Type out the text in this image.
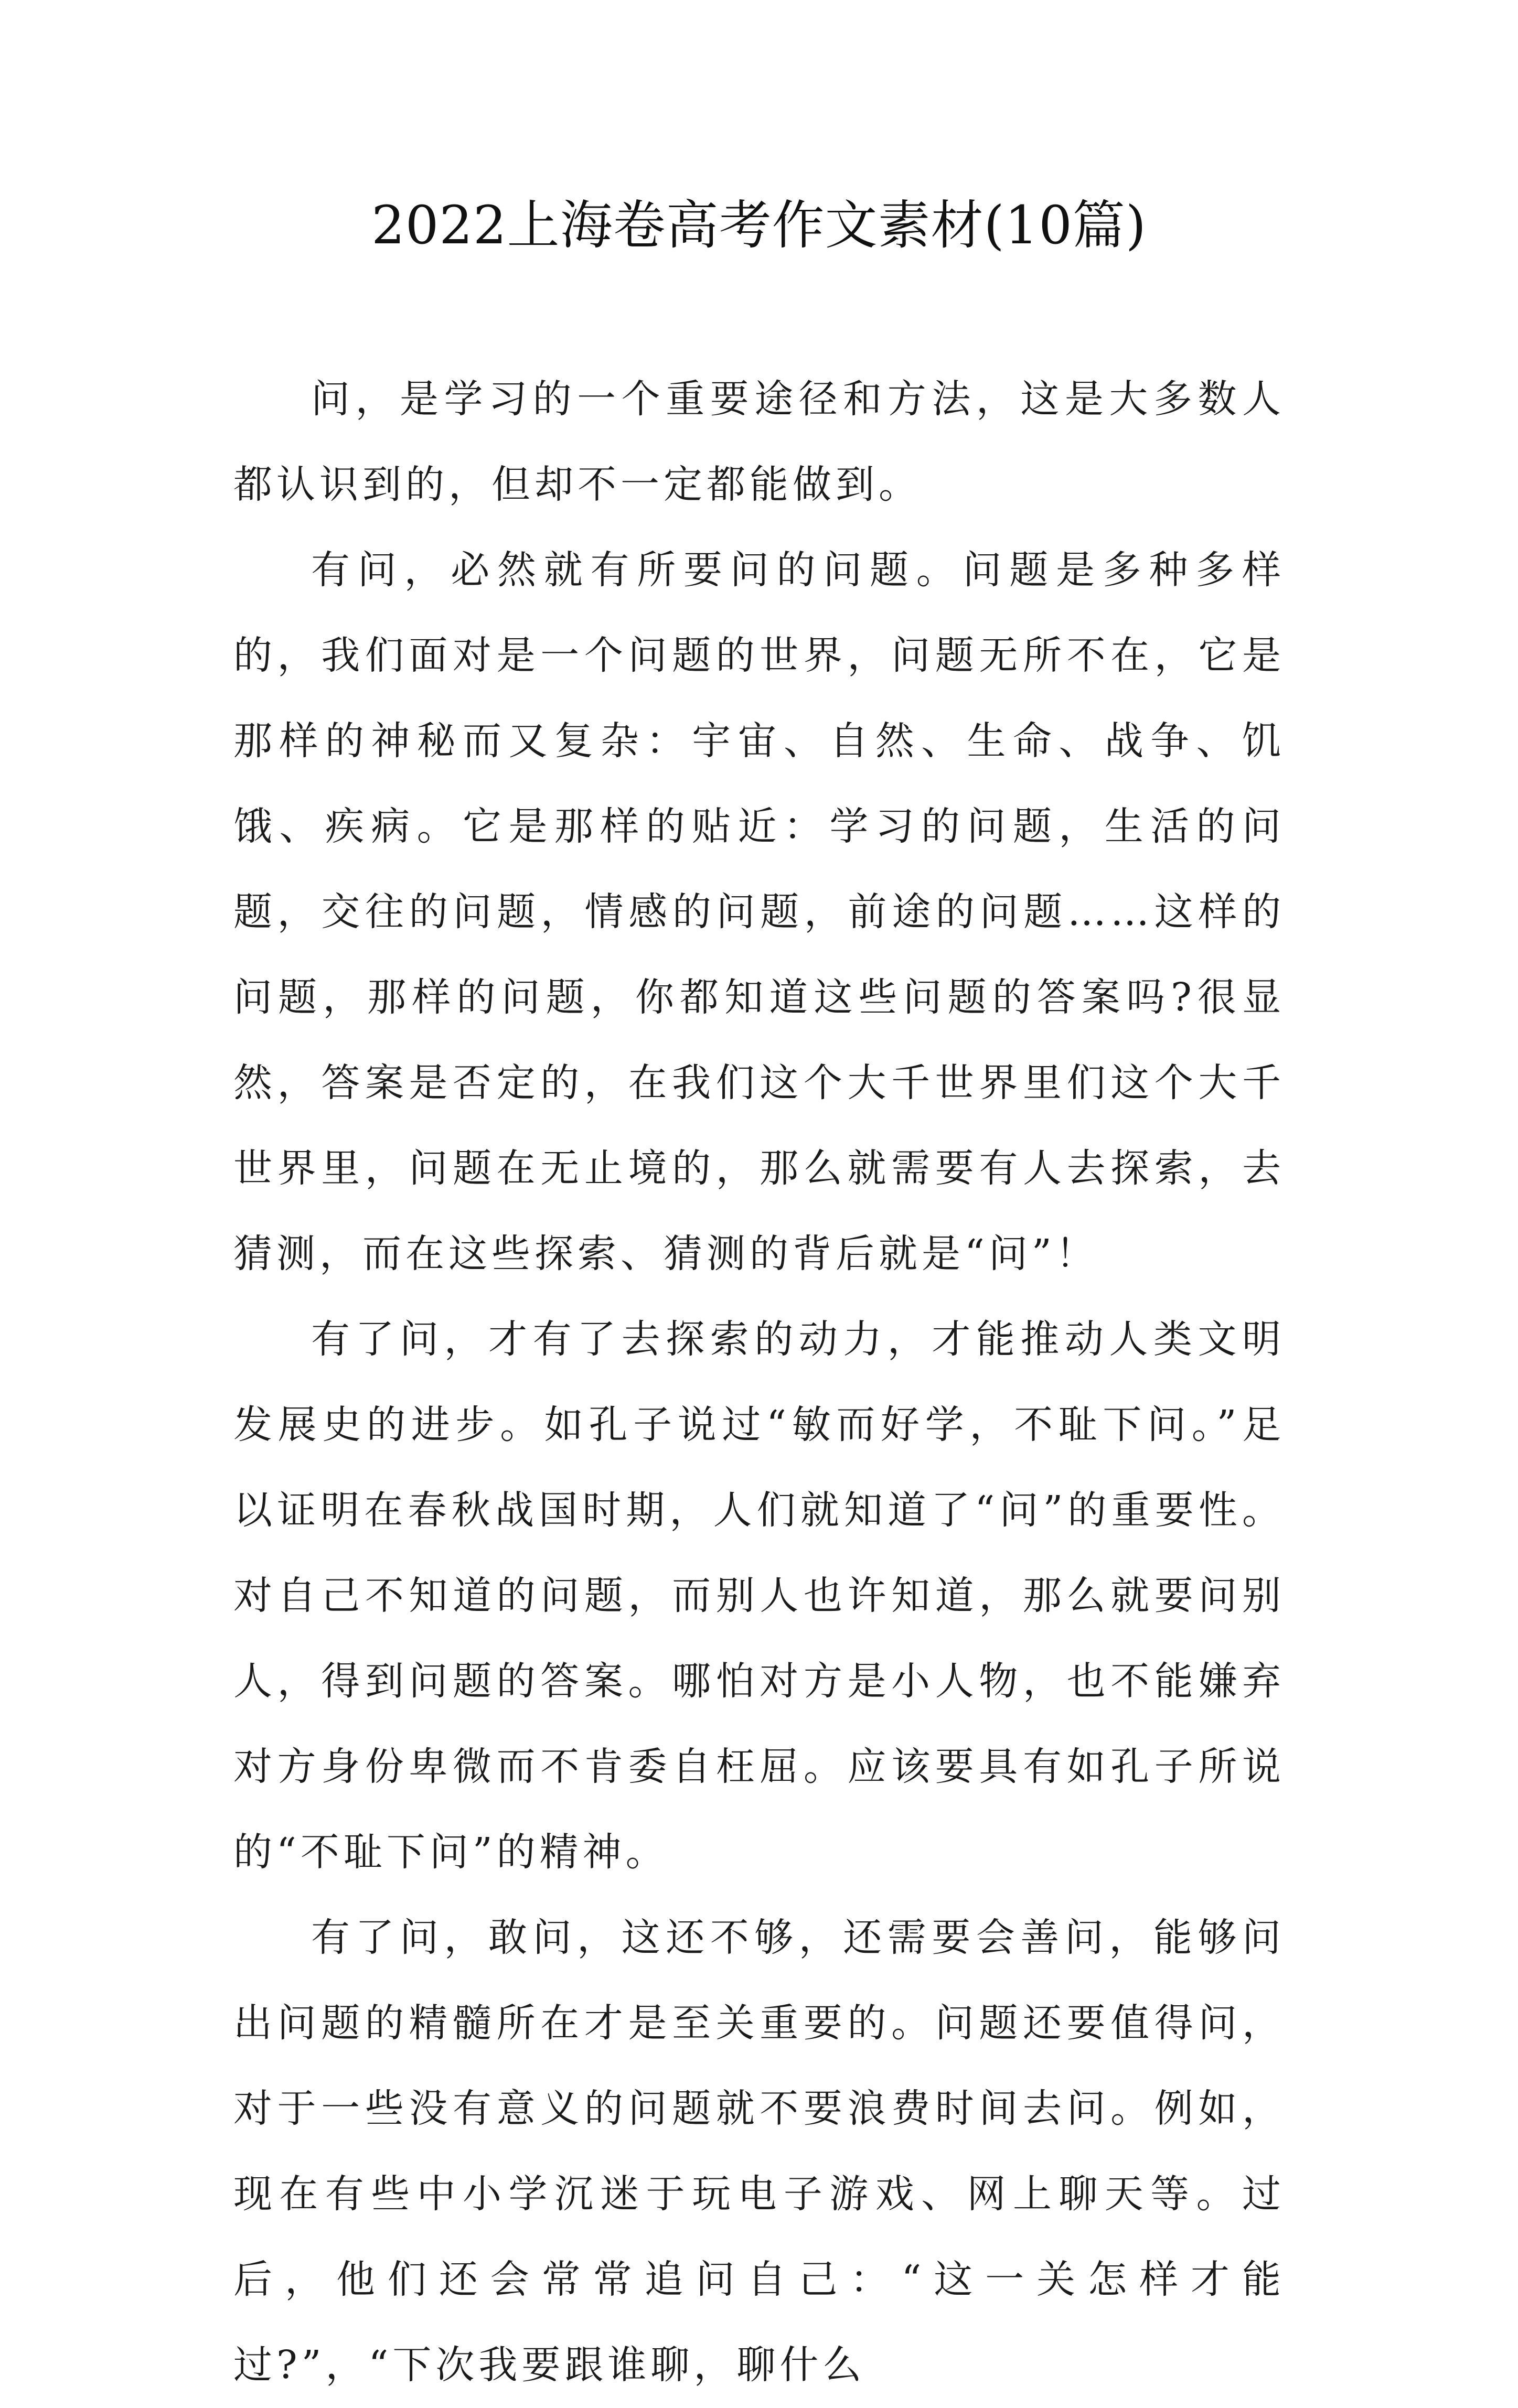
2022上海卷高考作文素材(10篇)

问，是学习的一个重要途径和方法，这是大多数人都认识到的，但却不一定都能做到。

有问，必然就有所要问的问题。问题是多种多样的，我们面对是一个问题的世界，问题无所不在，它是那样的神秘而又复杂：宇宙、自然、生命、战争、饥饿、疾病。它是那样的贴近：学习的问题，生活的问题，交往的问题，情感的问题，前途的问题……这样的问题，那样的问题，你都知道这些问题的答案吗?很显然，答案是否定的，在我们这个大千世界里们这个大千世界里，问题在无止境的，那么就需要有人去探索，去猜测，而在这些探索、猜测的背后就是“问”！

有了问，才有了去探索的动力，才能推动人类文明发展史的进步。如孔子说过“敏而好学，不耻下问。”足以证明在春秋战国时期，人们就知道了“问”的重要性。对自己不知道的问题，而别人也许知道，那么就要问别人，得到问题的答案。哪怕对方是小人物，也不能嫌弃对方身份卑微而不肯委自枉屈。应该要具有如孔子所说的“不耻下问”的精神。

有了问，敢问，这还不够，还需要会善问，能够问出问题的精髓所在才是至关重要的。问题还要值得问，对于一些没有意义的问题就不要浪费时间去问。例如，现在有些中小学沉迷于玩电子游戏、网上聊天等。过后，他们还会常常追问自己：“这一关怎样才能过?”，“下次我要跟谁聊，聊什么
